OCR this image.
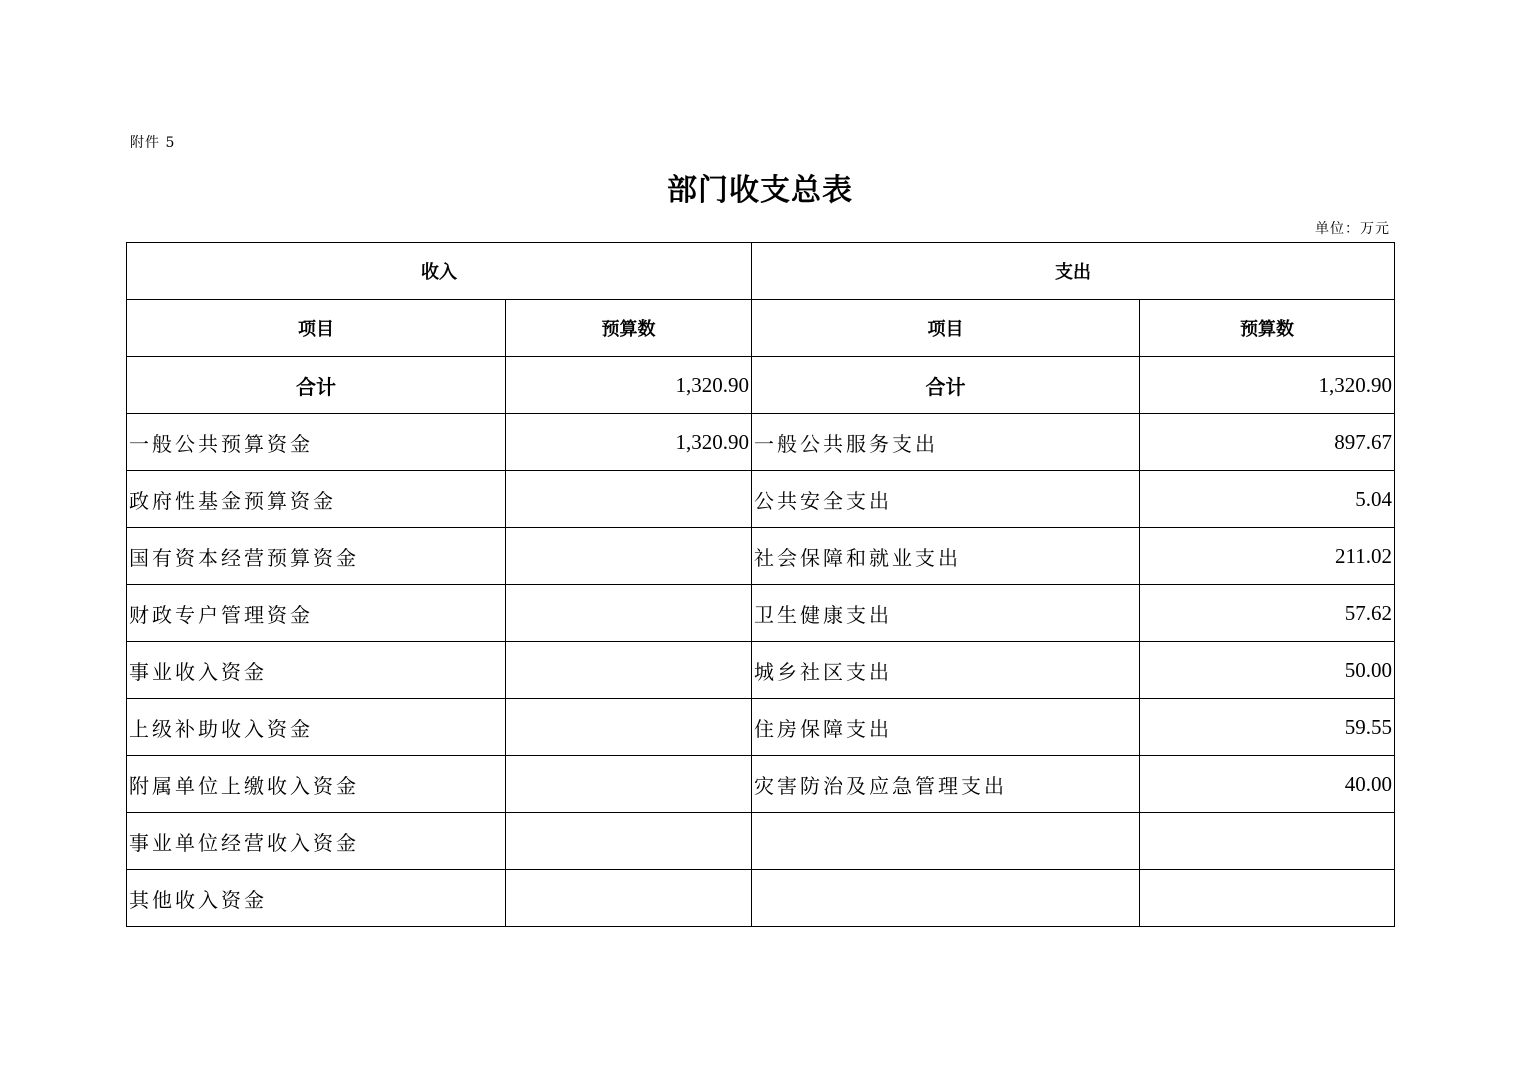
附件 5
部门收支总表
单位：万元
收入		支出	
项目	预算数	项目	预算数
合计	1,320.90	合计	1,320.90
一般公共预算资金	1,320.90	一般公共服务支出	897.67
政府性基金预算资金		公共安全支出	5.04
国有资本经营预算资金		社会保障和就业支出	211.02
财政专户管理资金		卫生健康支出	57.62
事业收入资金		城乡社区支出	50.00
上级补助收入资金		住房保障支出	59.55
附属单位上缴收入资金		灾害防治及应急管理支出	40.00
事业单位经营收入资金			
其他收入资金			
